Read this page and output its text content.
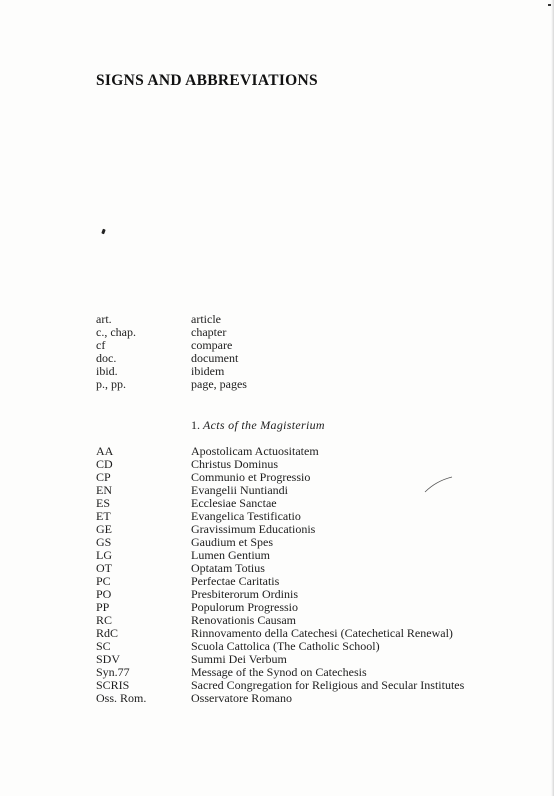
SIGNS AND ABBREVIATIONS
art.	article
c., chap.	chapter
cf	compare
doc.	document
ibid.	ibidem
p., pp.	page, pages
1. Acts of the Magisterium
AA	Apostolicam Actuositatem
CD	Christus Dominus
CP	Communio et Progressio
EN	Evangelii Nuntiandi
ES	Ecclesiae Sanctae
ET	Evangelica Testificatio
GE	Gravissimum Educationis
GS	Gaudium et Spes
LG	Lumen Gentium
OT	Optatam Totius
PC	Perfectae Caritatis
PO	Presbiterorum Ordinis
PP	Populorum Progressio
RC	Renovationis Causam
RdC	Rinnovamento della Catechesi (Catechetical Renewal)
SC	Scuola Cattolica (The Catholic School)
SDV	Summi Dei Verbum
Syn.77	Message of the Synod on Catechesis
SCRIS	Sacred Congregation for Religious and Secular Institutes
Oss. Rom.	Osservatore Romano
